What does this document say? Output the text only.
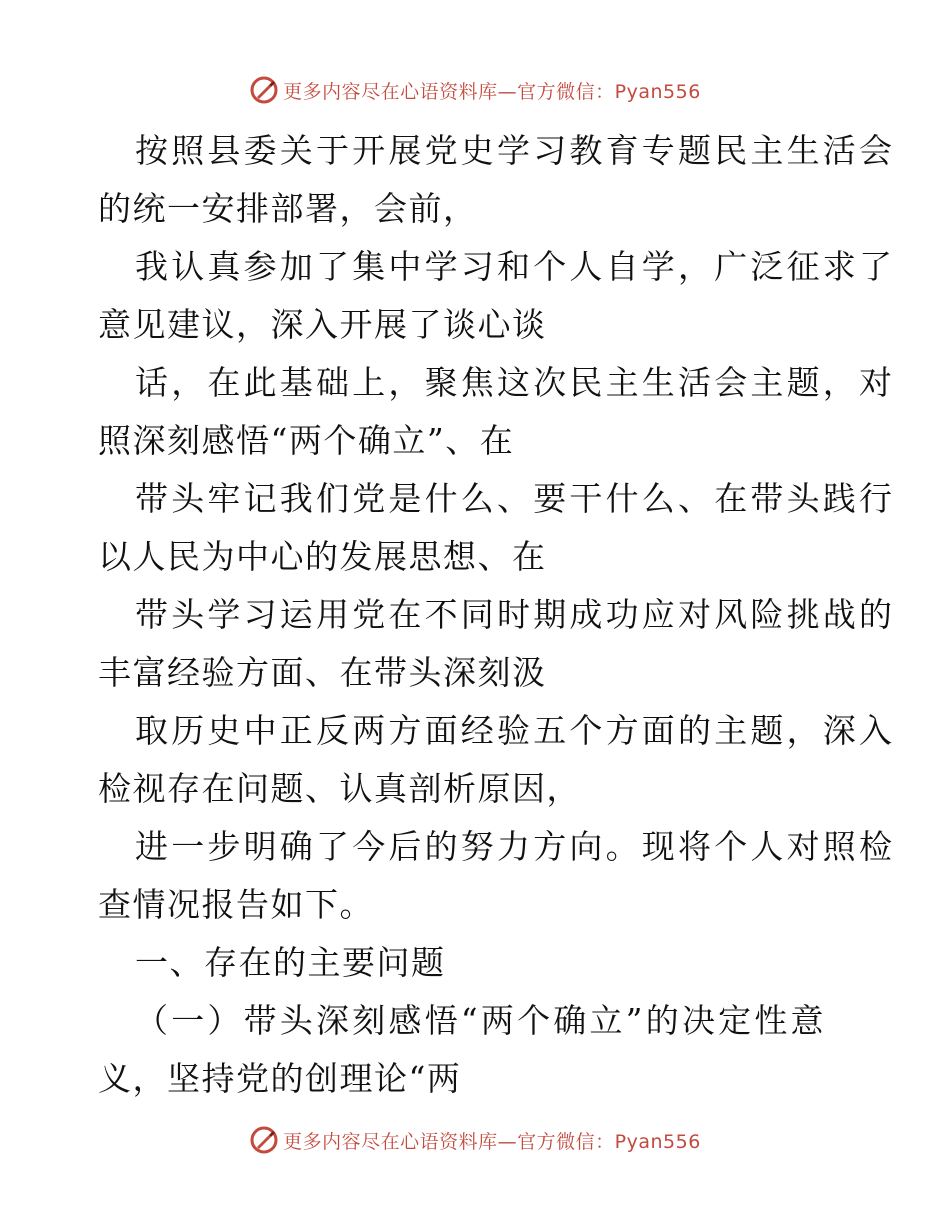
更多内容尽在心语资料库—官方微信：Pyan556
按照县委关于开展党史学习教育专题民主生活会
的统一安排部署，会前，
我认真参加了集中学习和个人自学，广泛征求了
意见建议，深入开展了谈心谈
话，在此基础上，聚焦这次民主生活会主题，对
照深刻感悟“两个确立”、在
带头牢记我们党是什么、要干什么、在带头践行
以人民为中心的发展思想、在
带头学习运用党在不同时期成功应对风险挑战的
丰富经验方面、在带头深刻汲
取历史中正反两方面经验五个方面的主题，深入
检视存在问题、认真剖析原因，
进一步明确了今后的努力方向。现将个人对照检
查情况报告如下。
一、存在的主要问题
（一）带头深刻感悟“两个确立”的决定性意
义，坚持党的创理论“两
更多内容尽在心语资料库—官方微信：Pyan556
